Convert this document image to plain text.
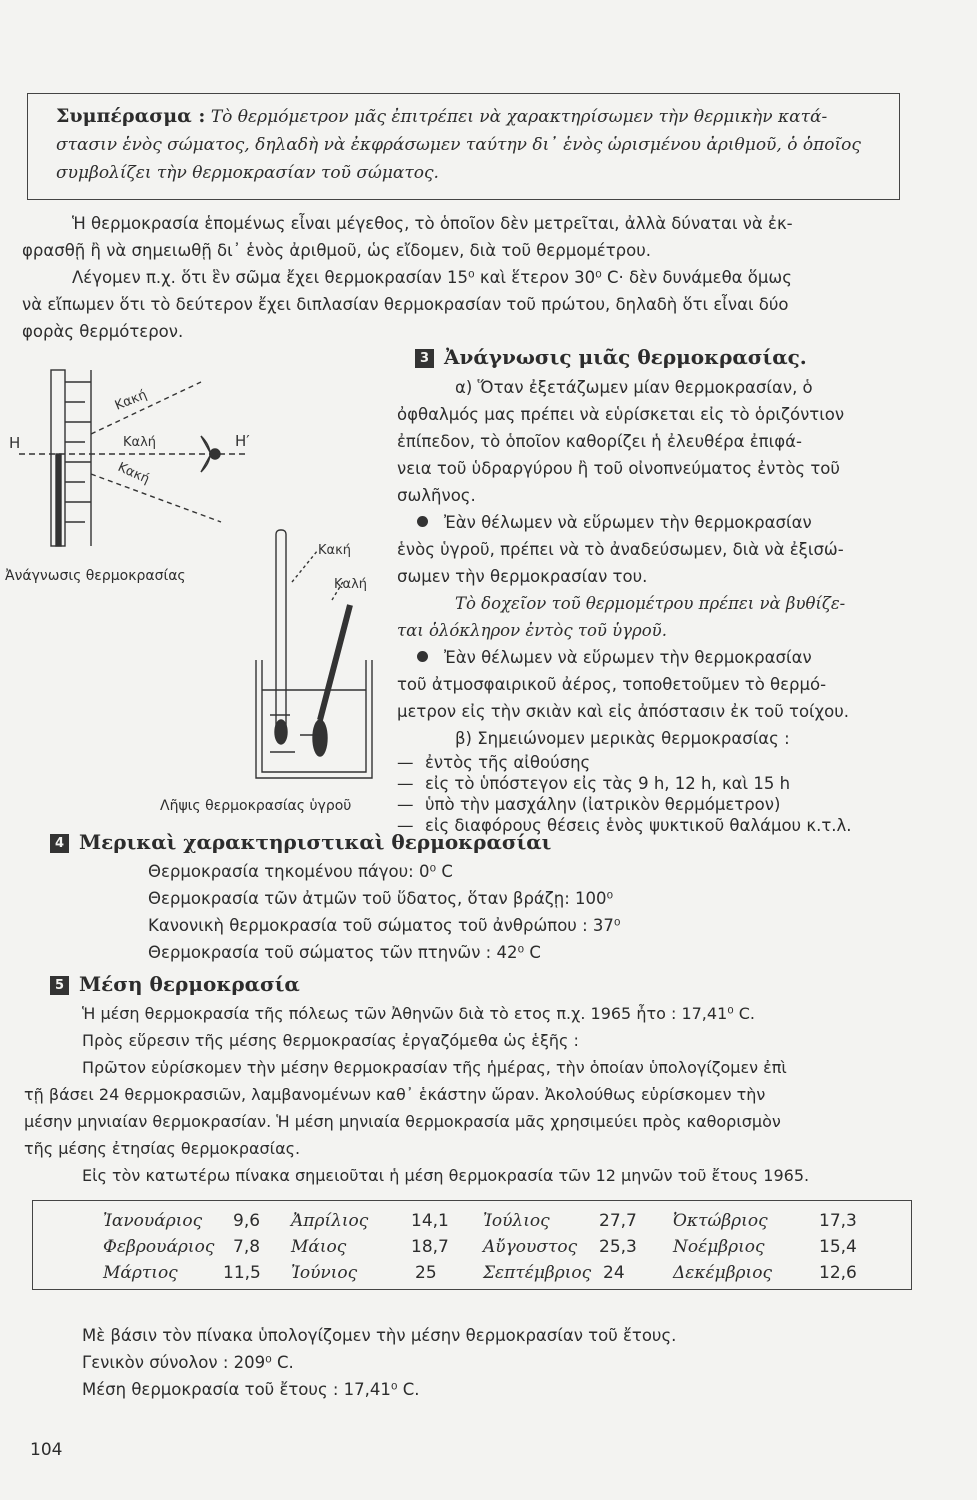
Συμπέρασμα : Τὸ θερμόμετρον μᾶς ἐπιτρέπει νὰ χαρακτηρίσωμεν τὴν θερμικὴν κατά-
στασιν ἑνὸς σώματος, δηλαδὴ νὰ ἐκφράσωμεν ταύτην δι᾽ ἑνὸς ὡρισμένου ἀριθμοῦ, ὁ ὁποῖος
συμβολίζει τὴν θερμοκρασίαν τοῦ σώματος.
Ἡ θερμοκρασία ἑπομένως εἶναι μέγεθος, τὸ ὁποῖον δὲν μετρεῖται, ἀλλὰ δύναται νὰ ἐκ-
φρασθῇ ἢ νὰ σημειωθῇ δι᾽ ἑνὸς ἀριθμοῦ, ὡς εἴδομεν, διὰ τοῦ θερμομέτρου.
Λέγομεν π.χ. ὅτι ἓν σῶμα ἔχει θερμοκρασίαν 15⁰ καὶ ἕτερον 30⁰ C· δὲν δυνάμεθα ὅμως
νὰ εἴπωμεν ὅτι τὸ δεύτερον ἔχει διπλασίαν θερμοκρασίαν τοῦ πρώτου, δηλαδὴ ὅτι εἶναι δύο
φορὰς θερμότερον.
H	H′
Κακή
Καλή
Κακή
Ἀνάγνωσις θερμοκρασίας
Κακή
Καλή
Λῆψις θερμοκρασίας ὑγροῦ
3 Ἀνάγνωσις μιᾶς θερμοκρασίας.
α) Ὅταν ἐξετάζωμεν μίαν θερμοκρασίαν, ὁ
ὀφθαλμός μας πρέπει νὰ εὑρίσκεται εἰς τὸ ὁριζόντιον
ἐπίπεδον, τὸ ὁποῖον καθορίζει ἡ ἐλευθέρα ἐπιφά-
νεια τοῦ ὑδραργύρου ἢ τοῦ οἰνοπνεύματος ἐντὸς τοῦ
σωλῆνος.
Ἐὰν θέλωμεν νὰ εὕρωμεν τὴν θερμοκρασίαν
ἑνὸς ὑγροῦ, πρέπει νὰ τὸ ἀναδεύσωμεν, διὰ νὰ ἐξισώ-
σωμεν τὴν θερμοκρασίαν του.
Τὸ δοχεῖον τοῦ θερμομέτρου πρέπει νὰ βυθίζε-
ται ὁλόκληρον ἐντὸς τοῦ ὑγροῦ.
Ἐὰν θέλωμεν νὰ εὕρωμεν τὴν θερμοκρασίαν
τοῦ ἀτμοσφαιρικοῦ ἀέρος, τοποθετοῦμεν τὸ θερμό-
μετρον εἰς τὴν σκιὰν καὶ εἰς ἀπόστασιν ἐκ τοῦ τοίχου.
β) Σημειώνομεν μερικὰς θερμοκρασίας :
— ἐντὸς τῆς αἰθούσης
— εἰς τὸ ὑπόστεγον εἰς τὰς 9 h, 12 h, καὶ 15 h
— ὑπὸ τὴν μασχάλην (ἰατρικὸν θερμόμετρον)
— εἰς διαφόρους θέσεις ἑνὸς ψυκτικοῦ θαλάμου κ.τ.λ.
4 Μερικαὶ χαρακτηριστικαὶ θερμοκρασίαι
Θερμοκρασία τηκομένου πάγου: 0⁰ C
Θερμοκρασία τῶν ἀτμῶν τοῦ ὕδατος, ὅταν βράζῃ: 100⁰
Κανονικὴ θερμοκρασία τοῦ σώματος τοῦ ἀνθρώπου : 37⁰
Θερμοκρασία τοῦ σώματος τῶν πτηνῶν : 42⁰ C
5 Μέση θερμοκρασία
Ἡ μέση θερμοκρασία τῆς πόλεως τῶν Ἀθηνῶν διὰ τὸ ετος π.χ. 1965 ἦτο : 17,41⁰ C.
Πρὸς εὕρεσιν τῆς μέσης θερμοκρασίας ἐργαζόμεθα ὡς ἑξῆς :
Πρῶτον εὑρίσκομεν τὴν μέσην θερμοκρασίαν τῆς ἡμέρας, τὴν ὁποίαν ὑπολογίζομεν ἐπὶ
τῇ βάσει 24 θερμοκρασιῶν, λαμβανομένων καθ᾽ ἑκάστην ὥραν. Ἀκολούθως εὑρίσκομεν τὴν
μέσην μηνιαίαν θερμοκρασίαν. Ἡ μέση μηνιαία θερμοκρασία μᾶς χρησιμεύει πρὸς καθορισμὸν
τῆς μέσης ἐτησίας θερμοκρασίας.
Εἰς τὸν κατωτέρω πίνακα σημειοῦται ἡ μέση θερμοκρασία τῶν 12 μηνῶν τοῦ ἔτους 1965.
Ἰανουάριος 9,6 Ἀπρίλιος	14,1 Ἰούλιος	27,7 Ὀκτώβριος	17,3
Φεβρουάριος 7,8 Μάιος	18,7 Αὔγουστος 25,3 Νοέμβριος	15,4
Μάρτιος	11,5 Ἰούνιος	25	Σεπτέμβριος 24	Δεκέμβριος	12,6
Μὲ βάσιν τὸν πίνακα ὑπολογίζομεν τὴν μέσην θερμοκρασίαν τοῦ ἔτους.
Γενικὸν σύνολον : 209⁰ C.
Μέση θερμοκρασία τοῦ ἔτους : 17,41⁰ C.
104
